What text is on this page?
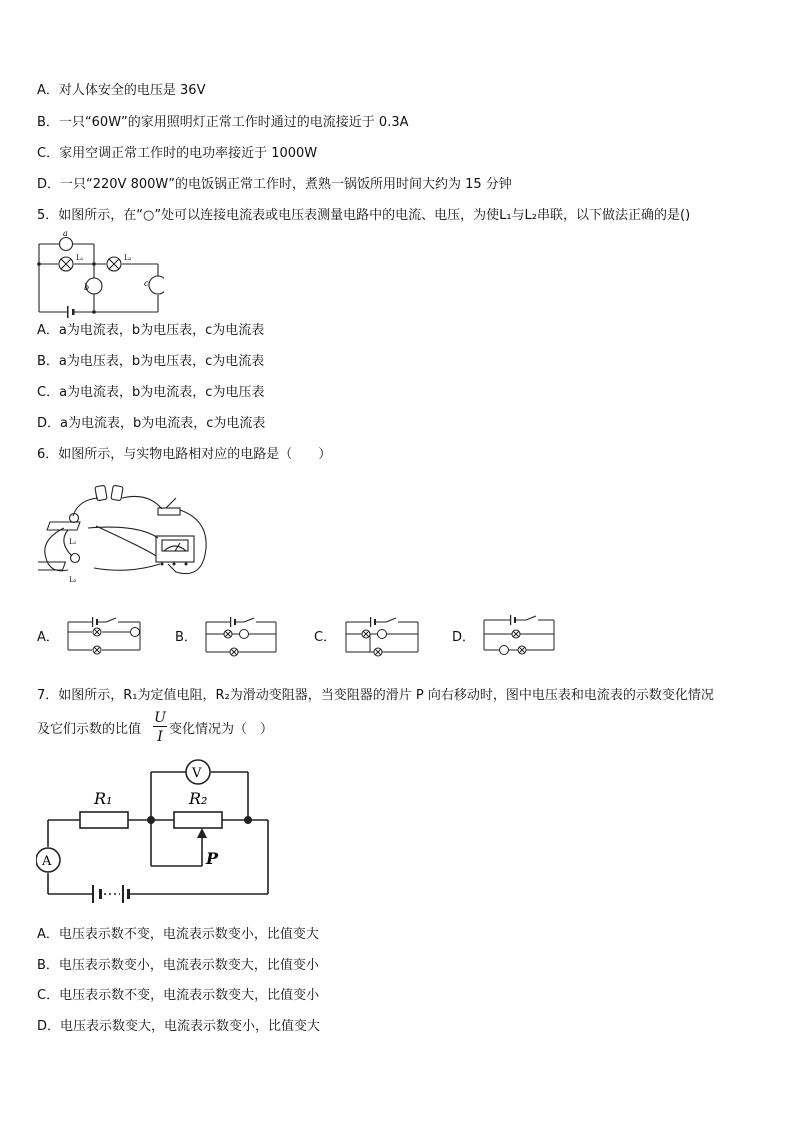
A．对人体安全的电压是 36V
B．一只“60W”的家用照明灯正常工作时通过的电流接近于 0.3A
C．家用空调正常工作时的电功率接近于 1000W
D．一只“220V 800W”的电饭锅正常工作时，煮熟一锅饭所用时间大约为 15 分钟
5．如图所示，在“○”处可以连接电流表或电压表测量电路中的电流、电压，为使L₁与L₂串联，以下做法正确的是()
a
b	c
L₁	L₂
A．a为电流表，b为电压表，c为电流表
B．a为电压表，b为电压表，c为电流表
C．a为电流表，b为电流表，c为电压表
D．a为电流表，b为电流表，c为电流表
6．如图所示，与实物电路相对应的电路是（　　）
L₁
L₂
A．	B．	C．	D．
7．如图所示，R₁为定值电阻，R₂为滑动变阻器，当变阻器的滑片 P 向右移动时，图中电压表和电流表的示数变化情况
及它们示数的比值
U
I 变化情况为（　）
V
A
R₁	R₂
P
A．电压表示数不变，电流表示数变小，比值变大
B．电压表示数变小，电流表示数变大，比值变小
C．电压表示数不变，电流表示数变大，比值变小
D．电压表示数变大，电流表示数变小，比值变大
